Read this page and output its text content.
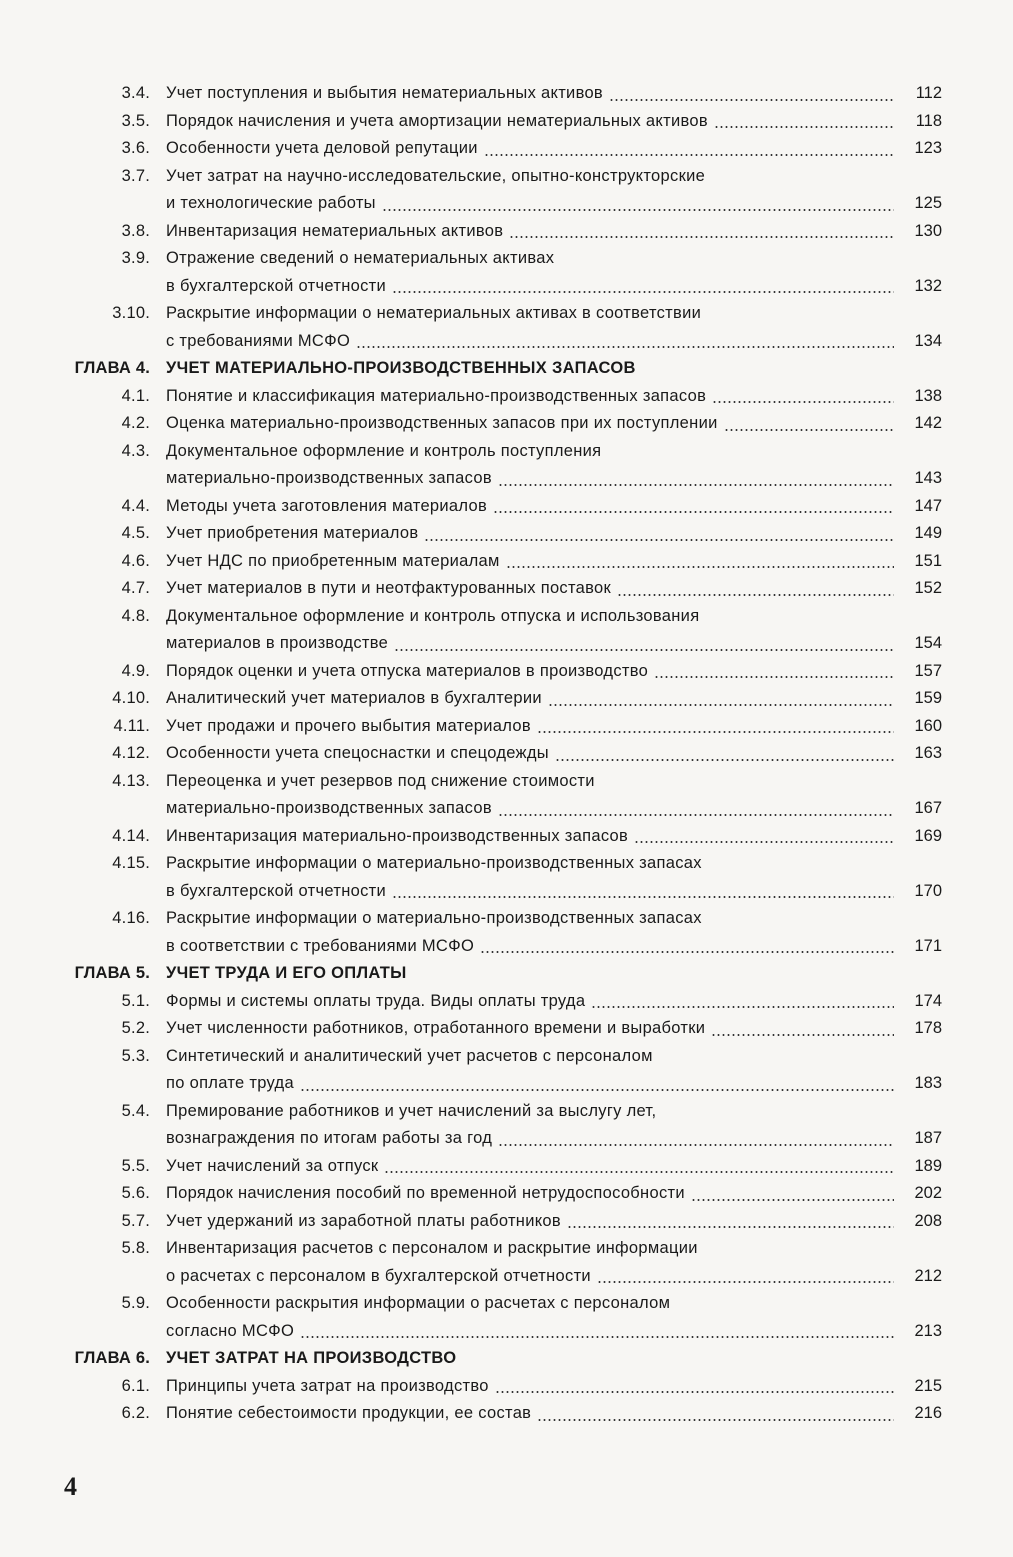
3.4. Учет поступления и выбытия нематериальных активов	112
3.5. Порядок начисления и учета амортизации нематериальных активов	118
3.6. Особенности учета деловой репутации	123
3.7. Учет затрат на научно-исследовательские, опытно-конструкторские
и технологические работы	125
3.8. Инвентаризация нематериальных активов	130
3.9. Отражение сведений о нематериальных активах
в бухгалтерской отчетности	132
3.10. Раскрытие информации о нематериальных активах в соответствии
с требованиями МСФО	134
ГЛАВА 4. УЧЕТ МАТЕРИАЛЬНО-ПРОИЗВОДСТВЕННЫХ ЗАПАСОВ
4.1. Понятие и классификация материально-производственных запасов	138
4.2. Оценка материально-производственных запасов при их поступлении	142
4.3. Документальное оформление и контроль поступления
материально-производственных запасов	143
4.4. Методы учета заготовления материалов	147
4.5. Учет приобретения материалов	149
4.6. Учет НДС по приобретенным материалам	151
4.7. Учет материалов в пути и неотфактурованных поставок	152
4.8. Документальное оформление и контроль отпуска и использования
материалов в производстве	154
4.9. Порядок оценки и учета отпуска материалов в производство	157
4.10. Аналитический учет материалов в бухгалтерии	159
4.11. Учет продажи и прочего выбытия материалов	160
4.12. Особенности учета спецоснастки и спецодежды	163
4.13. Переоценка и учет резервов под снижение стоимости
материально-производственных запасов	167
4.14. Инвентаризация материально-производственных запасов	169
4.15. Раскрытие информации о материально-производственных запасах
в бухгалтерской отчетности	170
4.16. Раскрытие информации о материально-производственных запасах
в соответствии с требованиями МСФО	171
ГЛАВА 5. УЧЕТ ТРУДА И ЕГО ОПЛАТЫ
5.1. Формы и системы оплаты труда. Виды оплаты труда	174
5.2. Учет численности работников, отработанного времени и выработки	178
5.3. Синтетический и аналитический учет расчетов с персоналом
по оплате труда	183
5.4. Премирование работников и учет начислений за выслугу лет,
вознаграждения по итогам работы за год	187
5.5. Учет начислений за отпуск	189
5.6. Порядок начисления пособий по временной нетрудоспособности	202
5.7. Учет удержаний из заработной платы работников	208
5.8. Инвентаризация расчетов с персоналом и раскрытие информации
о расчетах с персоналом в бухгалтерской отчетности	212
5.9. Особенности раскрытия информации о расчетах с персоналом
согласно МСФО	213
ГЛАВА 6. УЧЕТ ЗАТРАТ НА ПРОИЗВОДСТВО
6.1. Принципы учета затрат на производство	215
6.2. Понятие себестоимости продукции, ее состав	216
4
